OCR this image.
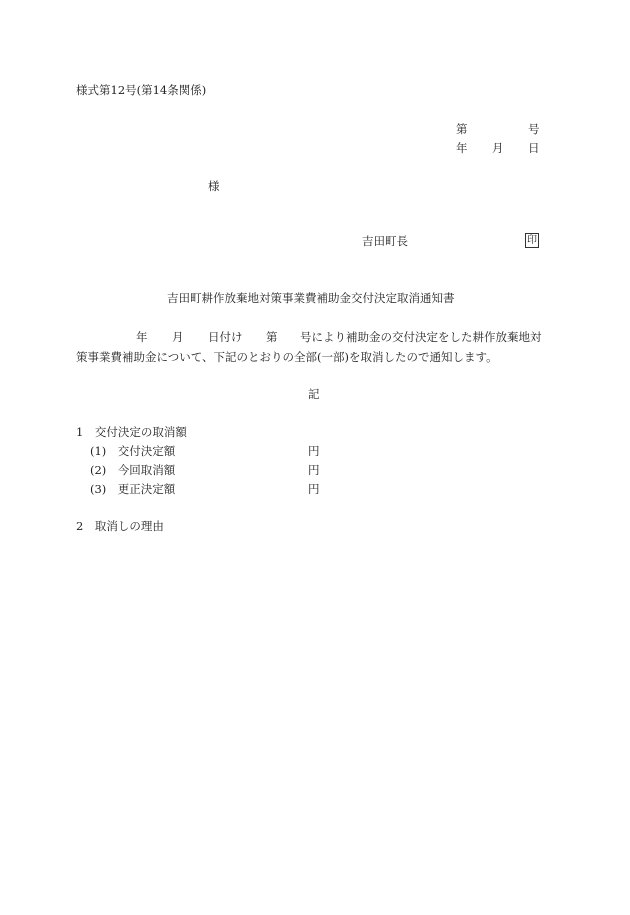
様式第12号(第14条関係)
第	号
年 月 日
様
吉田町長	印
吉田町耕作放棄地対策事業費補助金交付決定取消通知書
年 月 日付け 第 号により補助金の交付決定をした耕作放棄地対
策事業費補助金について、下記のとおりの全部(一部)を取消したので通知します。
記
1　交付決定の取消額
(1)　交付決定額	円
(2)　今回取消額	円
(3)　更正決定額	円
2　取消しの理由
